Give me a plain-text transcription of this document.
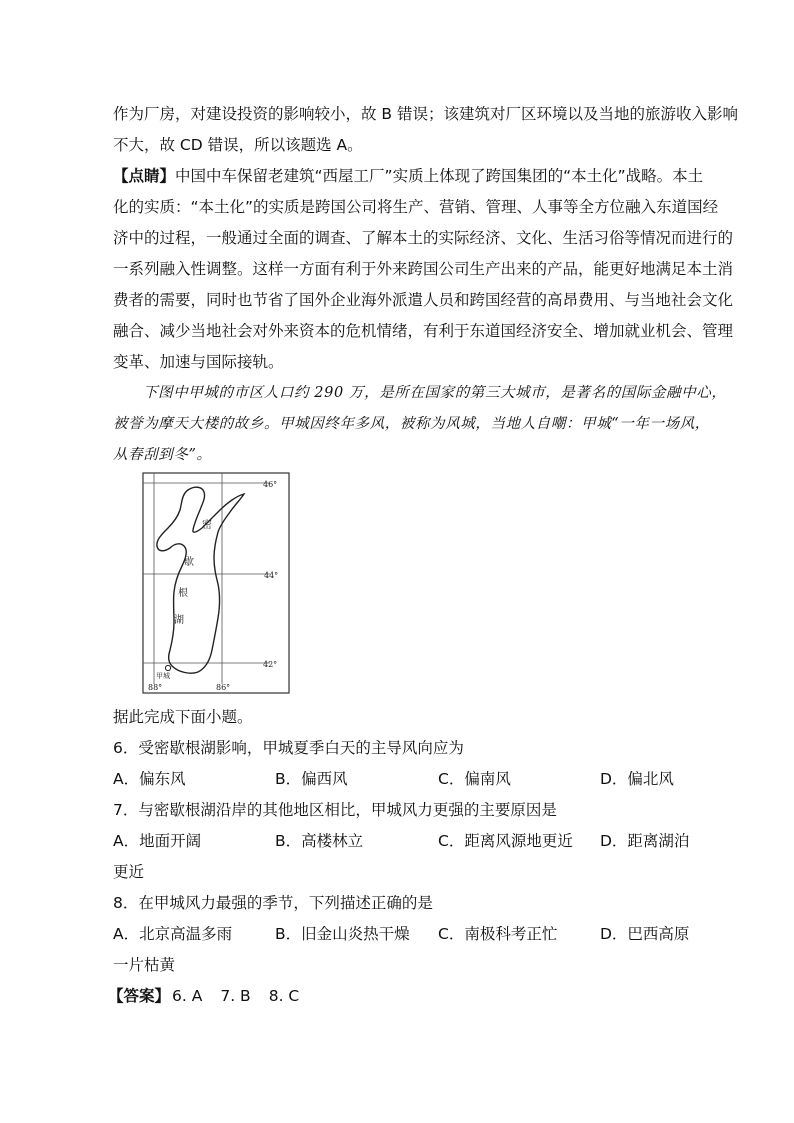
作为厂房，对建设投资的影响较小，故 B 错误；该建筑对厂区环境以及当地的旅游收入影响
不大，故 CD 错误，所以该题选 A。
【点睛】中国中车保留老建筑“西屋工厂”实质上体现了跨国集团的“本土化”战略。本土
化的实质：“本土化”的实质是跨国公司将生产、营销、管理、人事等全方位融入东道国经
济中的过程，一般通过全面的调查、了解本土的实际经济、文化、生活习俗等情况而进行的
一系列融入性调整。这样一方面有利于外来跨国公司生产出来的产品，能更好地满足本土消
费者的需要，同时也节省了国外企业海外派遣人员和跨国经营的高昂费用、与当地社会文化
融合、减少当地社会对外来资本的危机情绪，有利于东道国经济安全、增加就业机会、管理
变革、加速与国际接轨。
下图中甲城的市区人口约 290 万，是所在国家的第三大城市，是著名的国际金融中心，
被誉为摩天大楼的故乡。甲城因终年多风，被称为风城，当地人自嘲：甲城“一年一场风，
从春刮到冬”。
密
歇
根
湖
甲城
46°
44°
42°
88°	86°
据此完成下面小题。
6．受密歇根湖影响，甲城夏季白天的主导风向应为
A．偏东风	B．偏西风	C．偏南风	D．偏北风
7．与密歇根湖沿岸的其他地区相比，甲城风力更强的主要原因是
A．地面开阔	B．高楼林立	C．距离风源地更近 D．距离湖泊
更近
8．在甲城风力最强的季节，下列描述正确的是
A．北京高温多雨	B．旧金山炎热干燥 C．南极科考正忙	D．巴西高原
一片枯黄
【答案】 6. A 7. B 8. C
